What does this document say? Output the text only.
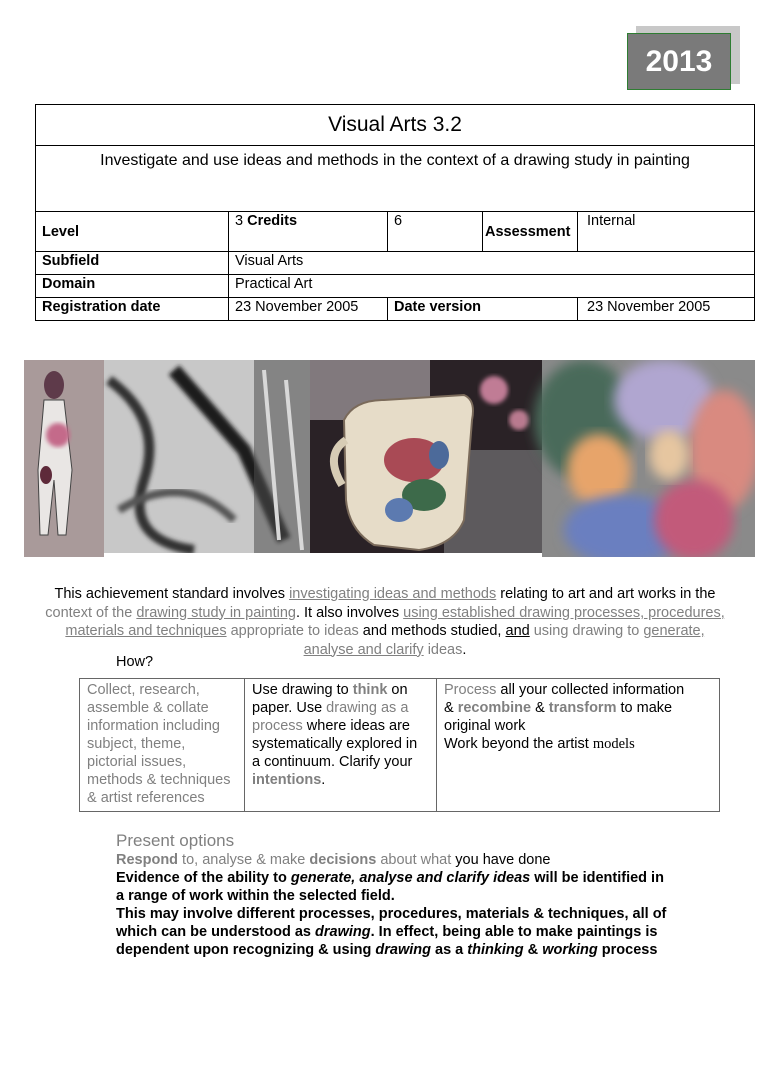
2013
Visual Arts 3.2				
Investigate and use ideas and methods in the context of a drawing study in painting				
Level	3 Credits	6	Assessment	Internal
Subfield	Visual Arts			
Domain	Practical Art			
Registration date	23 November 2005	Date version		23 November 2005
This achievement standard involves investigating ideas and methods relating to art and art works in the context of the drawing study in painting. It also involves using established drawing processes, procedures, materials and techniques appropriate to ideas and methods studied, and using drawing to generate, analyse and clarify ideas.
How?
Collect, research, assemble & collate information including subject, theme, pictorial issues, methods & techniques & artist references	Use drawing to think on paper. Use drawing as a process where ideas are systematically explored in a continuum. Clarify your intentions.	Process all your collected information
& recombine & transform to make original work
Work beyond the artist models
Present options
Respond to, analyse & make decisions about what you have done
Evidence of the ability to generate, analyse and clarify ideas will be identified in a range of work within the selected field.
This may involve different processes, procedures, materials & techniques, all of which can be understood as drawing. In effect, being able to make paintings is dependent upon recognizing & using drawing as a thinking & working process
